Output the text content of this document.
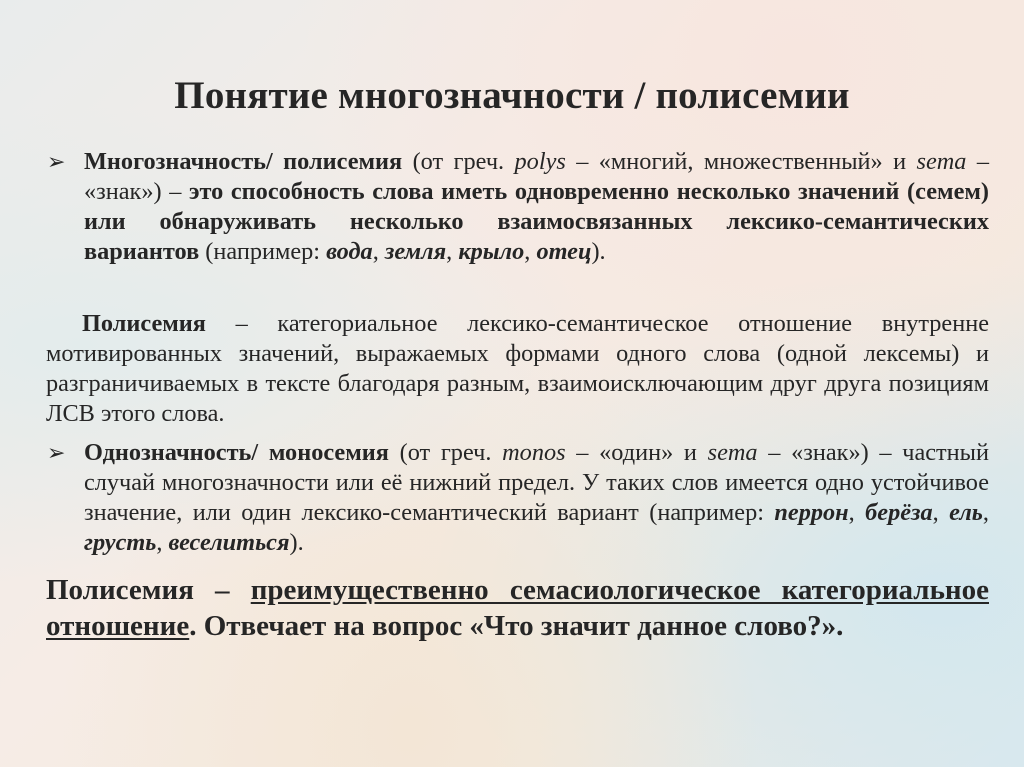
Понятие многозначности / полисемии
➢ Многозначность/ полисемия (от греч. polys – «многий, множественный» и sema – «знак») – это способность слова иметь одновременно несколько значений (семем) или обнаруживать несколько взаимосвязанных лексико-семантических вариантов (например: вода, земля, крыло, отец).

Полисемия – категориальное лексико-семантическое отношение внутренне мотивированных значений, выражаемых формами одного слова (одной лексемы) и разграничиваемых в тексте благодаря разным, взаимоисключающим друг друга позициям ЛСВ этого слова.

➢ Однозначность/ моносемия (от греч. monos – «один» и sema – «знак») – частный случай многозначности или её нижний предел. У таких слов имеется одно устойчивое значение, или один лексико-семантический вариант (например: перрон, берёза, ель, грусть, веселиться).

Полисемия – преимущественно семасиологическое категориальное отношение. Отвечает на вопрос «Что значит данное слово?».
